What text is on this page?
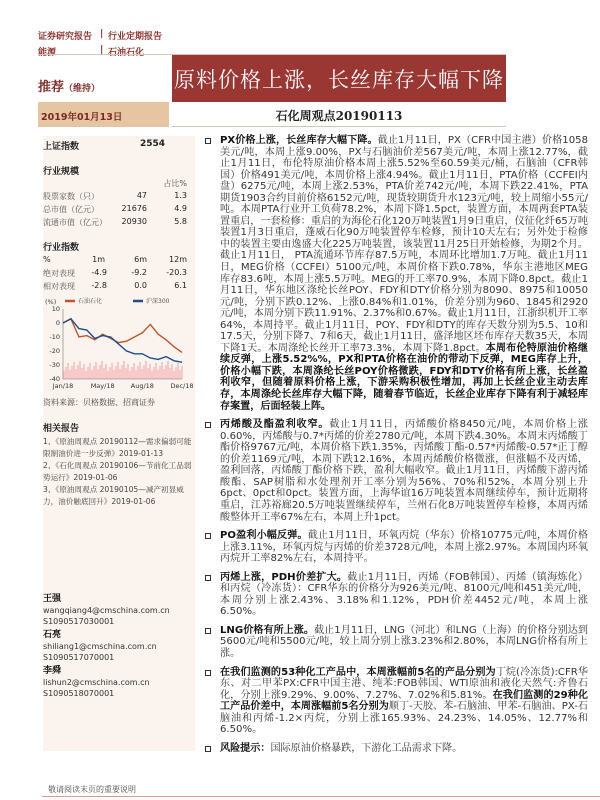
证券研究报告 | 行业定期报告
能源	| 石油石化
原料价格上涨，长丝库存大幅下降
推荐（维持）
2019年01月13日	石化周观点20190113
上证指数	2554
行业规模
占比%
股票家数（只）	47	1.3
总市值（亿元）	21676	4.9
流通市值（亿元） 20930	5.8
行业指数
%	1m	6m	12m
绝对表现 -4.9	-9.2 -20.3
相对表现 -2.8	0.0	6.1
10
0
-10
-20
-30
-40
Jan/18	May/18 Aug/18	Dec/18
(%)	石油石化	沪深300
资料来源：贝格数据、招商证券
相关报告
1、《原油周观点 20190112—需求偏弱可能限制油价进一步反弹》2019-01-13
2、《石化周观点 20190106—节前化工品弱势运行》2019-01-06
3、《原油周观点 20190105—减产初显威力，油价触底回升》2019-01-06
王强
wangqiang4@cmschina.com.cn
S1090517030001
石亮
shiliang1@cmschina.com.cn
S1090517070001
李舜
lishun2@cmschina.com.cn
S1090518070001
PX价格上涨，长丝库存大幅下降。截止1月11日，PX（CFR中国主港）价格1058美元/吨，本周上涨9.00%，PX与石脑油价差567美元/吨，本周上涨12.77%，截止1月11日，布伦特原油价格本周上涨5.52%至60.59美元/桶，石脑油（CFR韩国）价格491美元/吨，本周价格上涨4.94%。截止1月11日，PTA价格（CCFEI内盘）6275元/吨，本周上涨2.53%，PTA价差742元/吨，本周下跌22.41%，PTA期货1903合约目前价格6152元/吨，现货较期货升水123元/吨，较上周缩小55元/吨。本周PTA行业开工负荷78.2%，本周下降1.5pct，装置方面，本周两套PTA装置重启，一套检修：重启的为海伦石化120万吨装置1月9日重启，仪征化纤65万吨装置1月3日重启，蓬威石化90万吨装置停车检修，预计10天左右；另外处于检修中的装置主要由逸盛大化225万吨装置，该装置11月25日开始检修，为期2个月。截止1月11日， PTA流通环节库存87.5万吨，本周环比增加1.7万吨。截止1月11日，MEG价格（CCFEI）5100元/吨，本周价格下跌0.78%，华东主港地区MEG库存83.6吨，本周上涨5.5万吨。MEG的开工率70.9%，本周下降0.8pct。截止1月11日，华东地区涤纶长丝POY、FDY和DTY价格分别为8090、8975和10050元/吨，分别下跌0.12%、上涨0.84%和1.01%，价差分别为960、1845和2920元/吨，本周分别下跌11.91%、2.37%和0.67%。截止1月11日，江浙织机开工率64%，本周持平。截止1月11日，POY、FDY和DTY的库存天数分别为5.5、10和17.5天，分别下降7、7和6天，截止1月11日，盛泽地区坯布库存天数35天，本周下降1天。本周涤纶长丝开工率73.3%，本周下降1.8pct。本周布伦特原油价格继续反弹，上涨5.52%%，PX和PTA价格在油价的带动下反弹，MEG库存上升，价格小幅下跌，本周涤纶长丝POY价格微跌，FDY和DTY价格有所上涨，长丝盈利收窄，但随着原料价格上涨，下游采购积极性增加，再加上长丝企业主动去库存，本周涤纶长丝库存大幅下降，随着春节临近，长丝企业库存下降有利于减轻库存案置，后面轻装上阵。
丙烯酸及酯盈利收窄。截止1月11日，丙烯酸价格8450元/吨，本周价格上涨0.60%，丙烯酸与0.7*丙烯的价差2780元/吨，本周下跌4.30%。本周末丙烯酸丁酯价格9767元/吨，本周价格下跌1.35%，丙烯酸丁酯-0.57*丙烯酸-0.57*正丁醇的价差1169元/吨，本周下跌12.16%，本周丙烯酸价格微涨，但涨幅不及丙烯，盈利回落，丙烯酸丁酯价格下跌，盈利大幅收窄。截止1月11日，丙烯酸下游丙烯酸酯、SAP树脂和水处理剂开工率分别为56%、70%和52%，本周分别上升6pct、0pct和0pct。装置方面，上海华谊16万吨装置本周继续停车，预计近期将重启，江苏裕廊20.5万吨装置继续停车，兰州石化8万吨装置停车检修，本周丙烯酸整体开工率67%左右，本周上升1pct。
PO盈利小幅反弹。截止1月11日，环氧丙烷（华东）价格10775元/吨，本周价格上涨3.11%，环氧丙烷与丙烯的价差3728元/吨，本周上涨2.97%。本周国内环氧丙烷开工率82%左右，本周持平。
丙烯上涨，PDH价差扩大。截止1月11日，丙烯（FOB韩国）、丙烯（镇海炼化）和丙烷（冷冻货）：CFR华东的价格分为926美元/吨、8100元/吨和451美元/吨，本周分别上涨2.43%、3.18%和1.12%，PDH价差4452元/吨，本周上涨6.50%。
LNG价格有所上涨。截止1月11日，LNG（河北）和LNG（上海）的价格分别达到5600元/吨和5500元/吨，较上周分别上涨3.23%和2.80%，本周LNG价格有所上涨。
在我们监测的53种化工产品中，本周涨幅前5名的产品分别为丁烷(冷冻货):CFR华东、对二甲苯PX:CFR中国主港、纯苯:FOB韩国、WTI原油和液化天然气:齐鲁石化，分别上涨9.29%、9.00%、7.27%、7.02%和5.81%。在我们监测的29种化工产品价差中，本周涨幅前5名分别为顺丁-天胶、苯-石脑油、甲苯-石脑油、PX-石脑油和丙烯-1.2×丙烷，分别上涨165.93%、24.23%、14.05%、12.77%和6.50%。
风险提示：国际原油价格暴跌，下游化工品需求下降。
敬请阅读末页的重要说明
